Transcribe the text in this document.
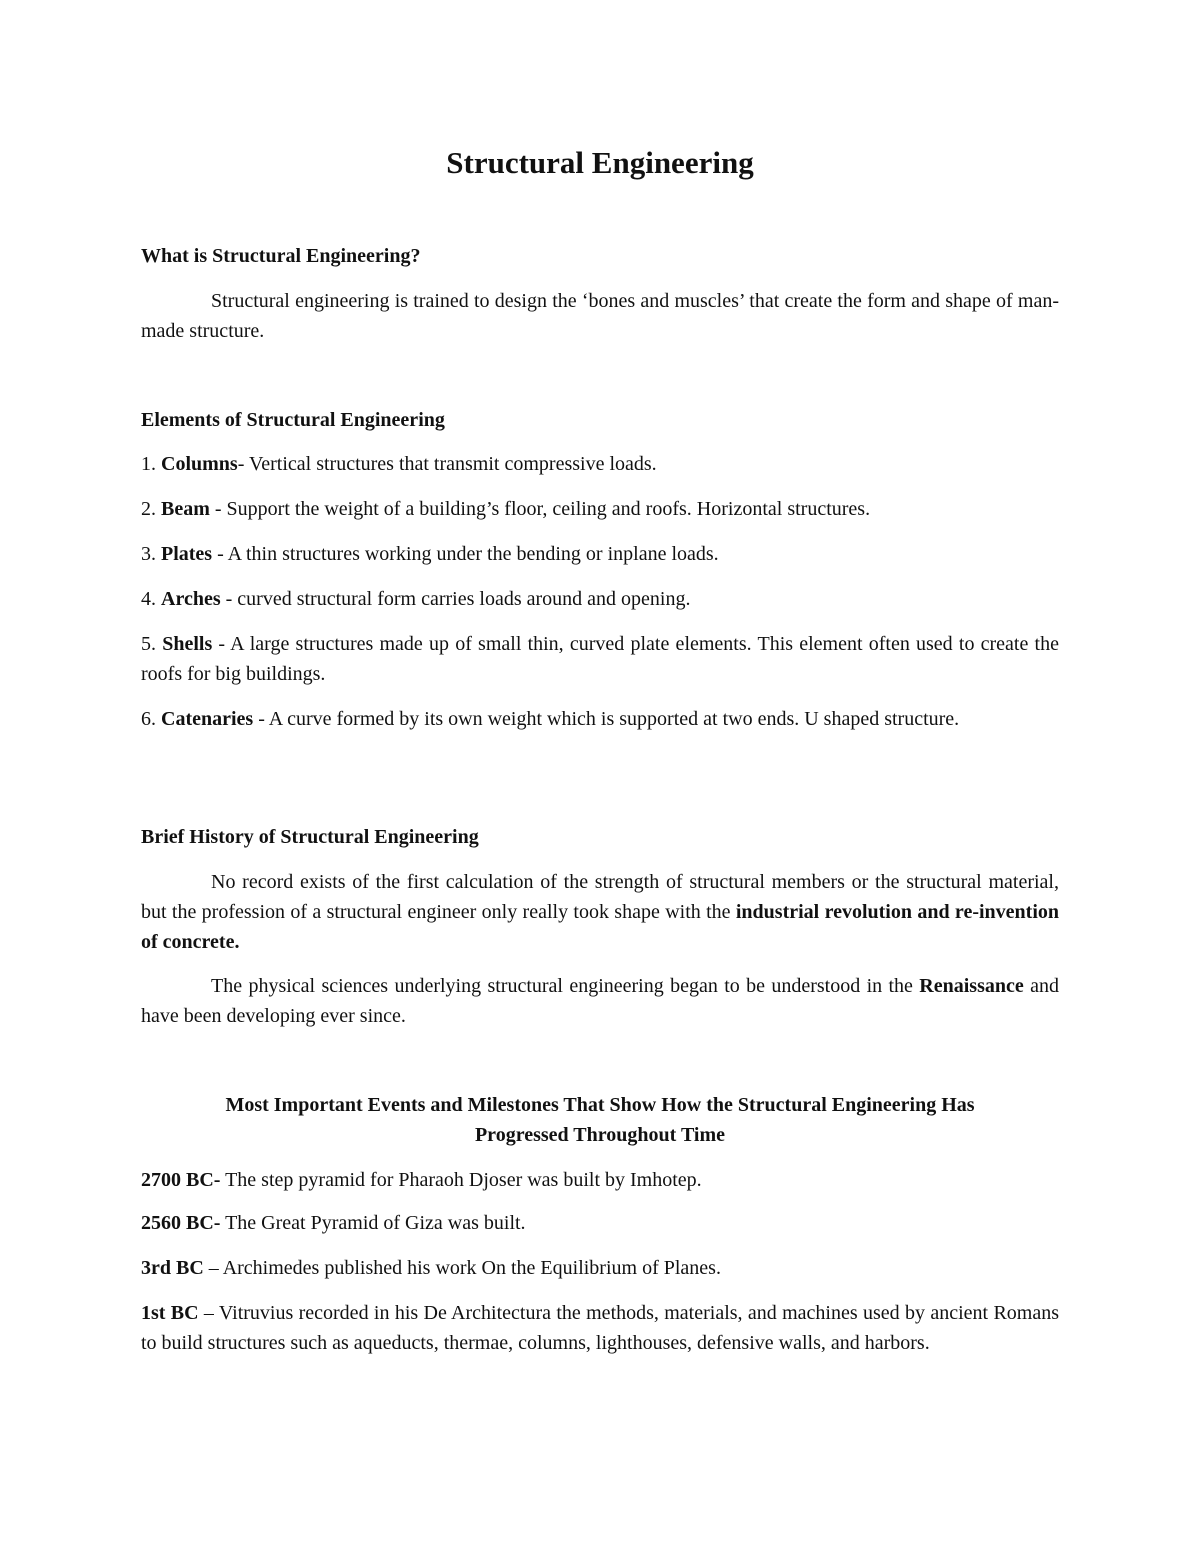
Structural Engineering

What is Structural Engineering?

Structural engineering is trained to design the ‘bones and muscles’ that create the form and shape of man-made structure.

Elements of Structural Engineering

1. Columns- Vertical structures that transmit compressive loads.

2. Beam - Support the weight of a building’s floor, ceiling and roofs. Horizontal structures.

3. Plates - A thin structures working under the bending or inplane loads.

4. Arches - curved structural form carries loads around and opening.

5. Shells - A large structures made up of small thin, curved plate elements. This element often used to create the roofs for big buildings.

6. Catenaries - A curve formed by its own weight which is supported at two ends. U shaped structure.

Brief History of Structural Engineering

No record exists of the first calculation of the strength of structural members or the structural material, but the profession of a structural engineer only really took shape with the industrial revolution and re-invention of concrete.

The physical sciences underlying structural engineering began to be understood in the Renaissance and have been developing ever since.

Most Important Events and Milestones That Show How the Structural Engineering Has

Progressed Throughout Time

2700 BC- The step pyramid for Pharaoh Djoser was built by Imhotep.

2560 BC- The Great Pyramid of Giza was built.

3rd BC – Archimedes published his work On the Equilibrium of Planes.

1st BC – Vitruvius recorded in his De Architectura the methods, materials, and machines used by ancient Romans to build structures such as aqueducts, thermae, columns, lighthouses, defensive walls, and harbors.
